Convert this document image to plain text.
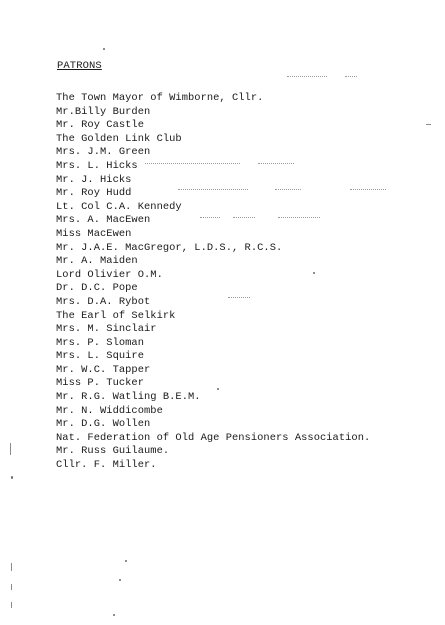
PATRONS
The Town Mayor of Wimborne, Cllr.
Mr.Billy Burden
Mr. Roy Castle
The Golden Link Club
Mrs. J.M. Green
Mrs. L. Hicks
Mr. J. Hicks
Mr. Roy Hudd
Lt. Col C.A. Kennedy
Mrs. A. MacEwen
Miss MacEwen
Mr. J.A.E. MacGregor, L.D.S., R.C.S.
Mr. A. Maiden
Lord Olivier O.M.
Dr. D.C. Pope
Mrs. D.A. Rybot
The Earl of Selkirk
Mrs. M. Sinclair
Mrs. P. Sloman
Mrs. L. Squire
Mr. W.C. Tapper
Miss P. Tucker
Mr. R.G. Watling B.E.M.
Mr. N. Widdicombe
Mr. D.G. Wollen
Nat. Federation of Old Age Pensioners Association.
Mr. Russ Guilaume.
Cllr. F. Miller.
